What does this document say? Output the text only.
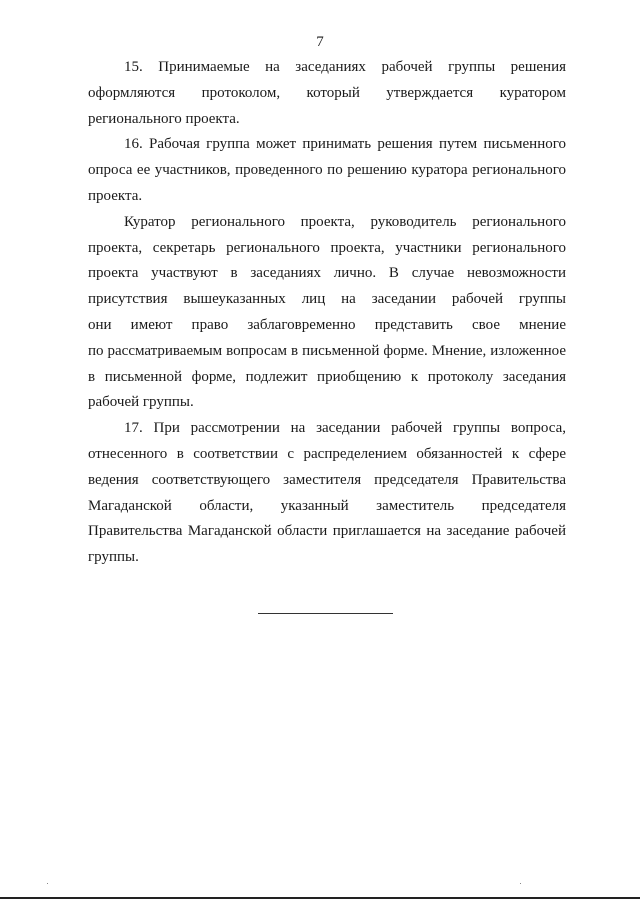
7
15. Принимаемые на заседаниях рабочей группы решения
оформляются протоколом, который утверждается куратором
регионального проекта.
16. Рабочая группа может принимать решения путем письменного
опроса ее участников, проведенного по решению куратора регионального
проекта.
Куратор регионального проекта, руководитель регионального
проекта, секретарь регионального проекта, участники регионального
проекта участвуют в заседаниях лично. В случае невозможности
присутствия вышеуказанных лиц на заседании рабочей группы
они имеют право заблаговременно представить свое мнение
по рассматриваемым вопросам в письменной форме. Мнение, изложенное
в письменной форме, подлежит приобщению к протоколу заседания
рабочей группы.
17. При рассмотрении на заседании рабочей группы вопроса,
отнесенного в соответствии с распределением обязанностей к сфере
ведения соответствующего заместителя председателя Правительства
Магаданской области, указанный заместитель председателя
Правительства Магаданской области приглашается на заседание рабочей
группы.
